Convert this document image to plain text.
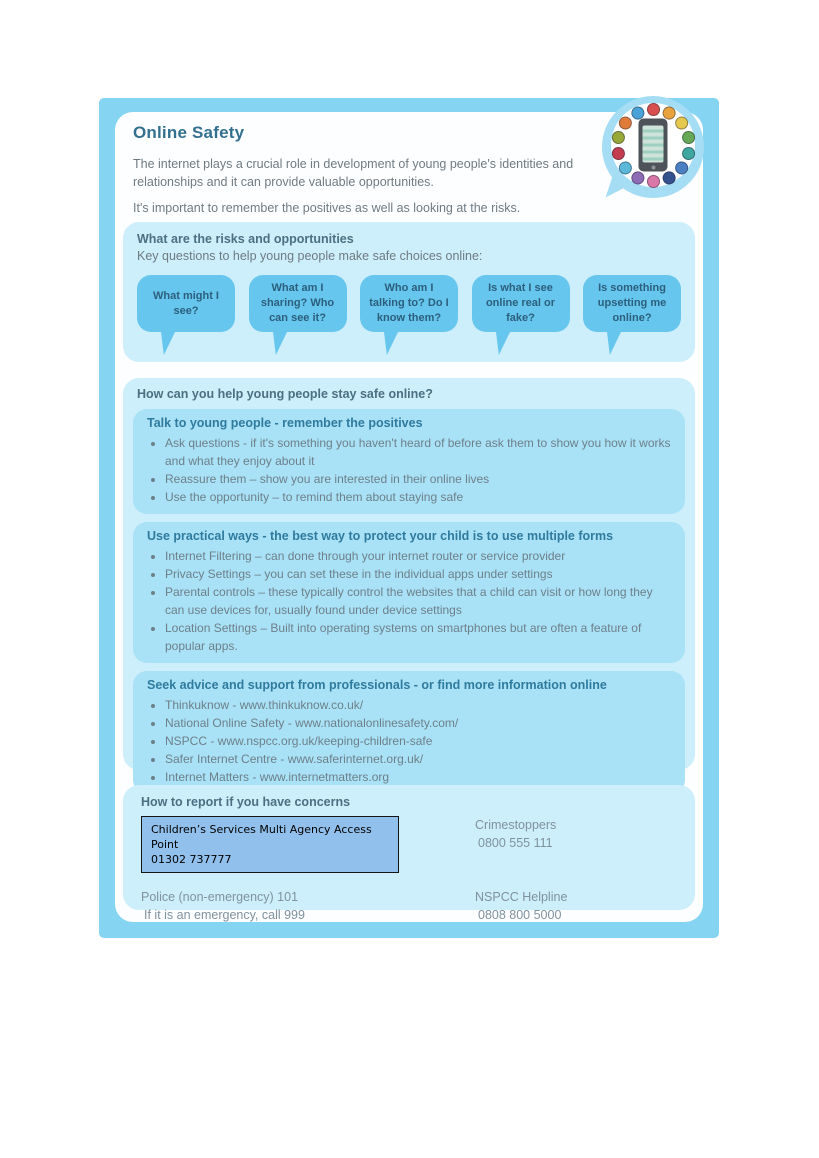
Online Safety
The internet plays a crucial role in development of young people's identities and relationships and it can provide valuable opportunities.
It's important to remember the positives as well as looking at the risks.
What are the risks and opportunities
Key questions to help young people make safe choices online:
What might I see?
What am I sharing? Who can see it?
Who am I talking to? Do I know them?
Is what I see online real or fake?
Is something upsetting me online?
How can you help young people stay safe online?
Talk to young people - remember the positives
• Ask questions - if it's something you haven't heard of before ask them to show you how it works and what they enjoy about it
• Reassure them – show you are interested in their online lives
• Use the opportunity – to remind them about staying safe
Use practical ways - the best way to protect your child is to use multiple forms
• Internet Filtering – can done through your internet router or service provider
• Privacy Settings – you can set these in the individual apps under settings
• Parental controls – these typically control the websites that a child can visit or how long they can use devices for, usually found under device settings
• Location Settings – Built into operating systems on smartphones but are often a feature of popular apps.
Seek advice and support from professionals - or find more information online
• Thinkuknow - www.thinkuknow.co.uk/
• National Online Safety - www.nationalonlinesafety.com/
• NSPCC - www.nspcc.org.uk/keeping-children-safe
• Safer Internet Centre - www.saferinternet.org.uk/
• Internet Matters - www.internetmatters.org
How to report if you have concerns
Children’s Services Multi Agency Access Point
01302 737777
Crimestoppers
0800 555 111
Police (non-emergency) 101
If it is an emergency, call 999
NSPCC Helpline
0808 800 5000
